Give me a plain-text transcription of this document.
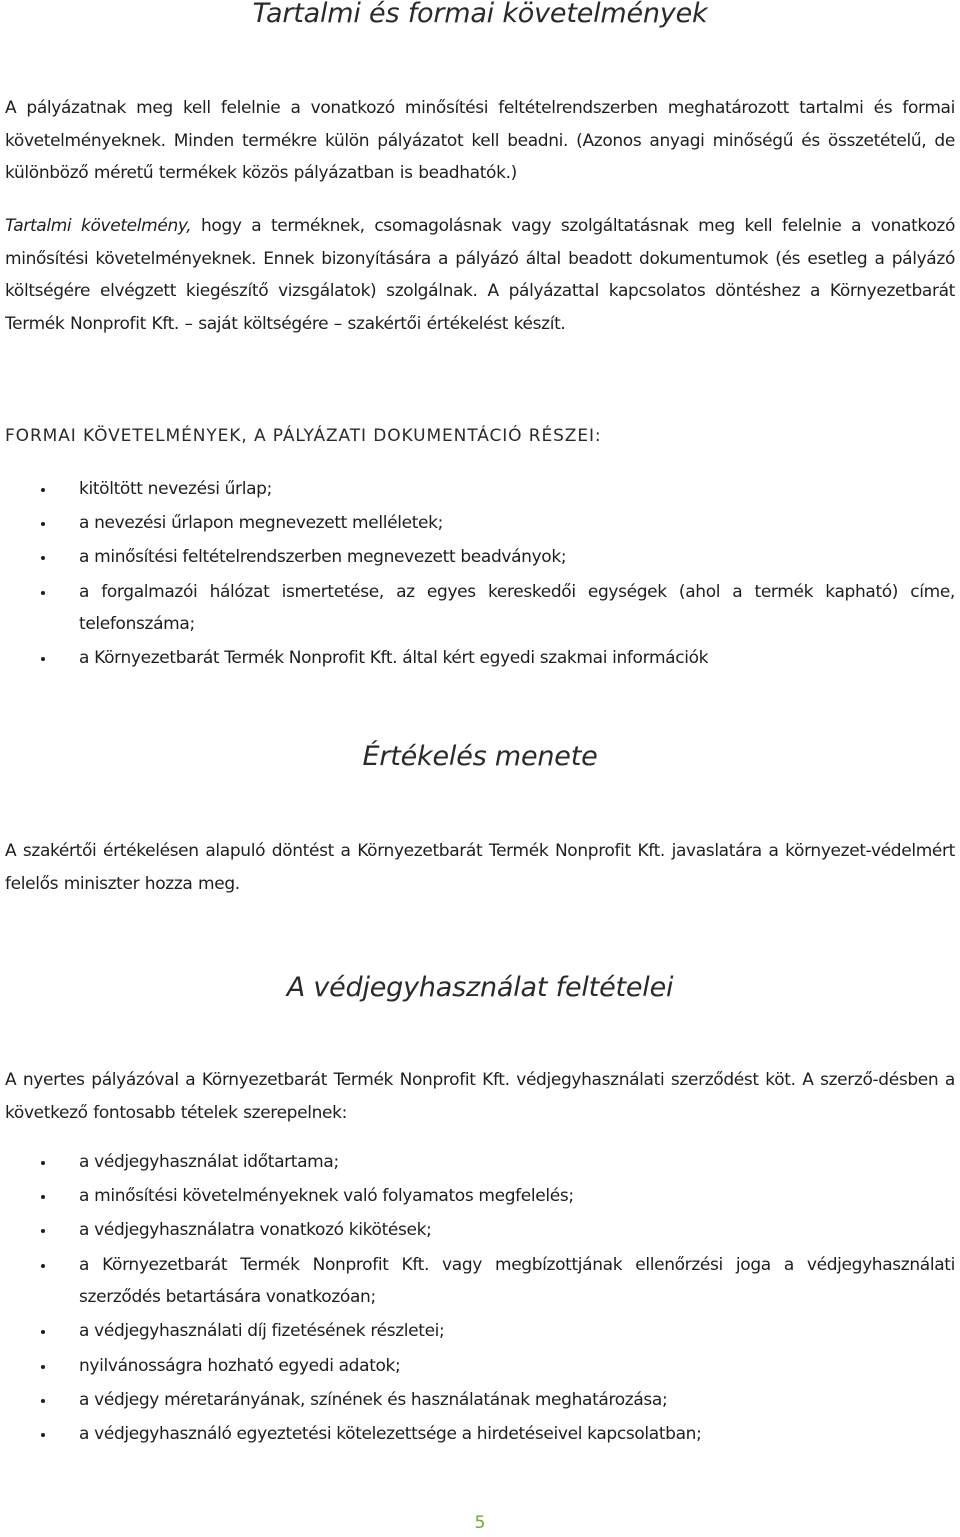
Tartalmi és formai követelmények

A pályázatnak meg kell felelnie a vonatkozó minősítési feltételrendszerben meghatározott tartalmi és formai követelményeknek. Minden termékre külön pályázatot kell beadni. (Azonos anyagi minőségű és összetételű, de különböző méretű termékek közös pályázatban is beadhatók.)

Tartalmi követelmény, hogy a terméknek, csomagolásnak vagy szolgáltatásnak meg kell felelnie a vonatkozó minősítési követelményeknek. Ennek bizonyítására a pályázó által beadott dokumentumok (és esetleg a pályázó költségére elvégzett kiegészítő vizsgálatok) szolgálnak. A pályázattal kapcsolatos döntéshez a Környezetbarát Termék Nonprofit Kft. – saját költségére – szakértői értékelést készít.

FORMAI KÖVETELMÉNYEK, A PÁLYÁZATI DOKUMENTÁCIÓ RÉSZEI:

kitöltött nevezési űrlap;
a nevezési űrlapon megnevezett melléletek;
a minősítési feltételrendszerben megnevezett beadványok;
a forgalmazói hálózat ismertetése, az egyes kereskedői egységek (ahol a termék kapható) címe, telefonszáma;
a Környezetbarát Termék Nonprofit Kft. által kért egyedi szakmai információk
Értékelés menete

A szakértői értékelésen alapuló döntést a Környezetbarát Termék Nonprofit Kft. javaslatára a környezet-védelmért felelős miniszter hozza meg.

A védjegyhasználat feltételei

A nyertes pályázóval a Környezetbarát Termék Nonprofit Kft. védjegyhasználati szerződést köt. A szerző-désben a következő fontosabb tételek szerepelnek:

a védjegyhasználat időtartama;
a minősítési követelményeknek való folyamatos megfelelés;
a védjegyhasználatra vonatkozó kikötések;
a Környezetbarát Termék Nonprofit Kft. vagy megbízottjának ellenőrzési joga a védjegyhasználati szerződés betartására vonatkozóan;
a védjegyhasználati díj fizetésének részletei;
nyilvánosságra hozható egyedi adatok;
a védjegy méretarányának, színének és használatának meghatározása;
a védjegyhasználó egyeztetési kötelezettsége a hirdetéseivel kapcsolatban;
5
